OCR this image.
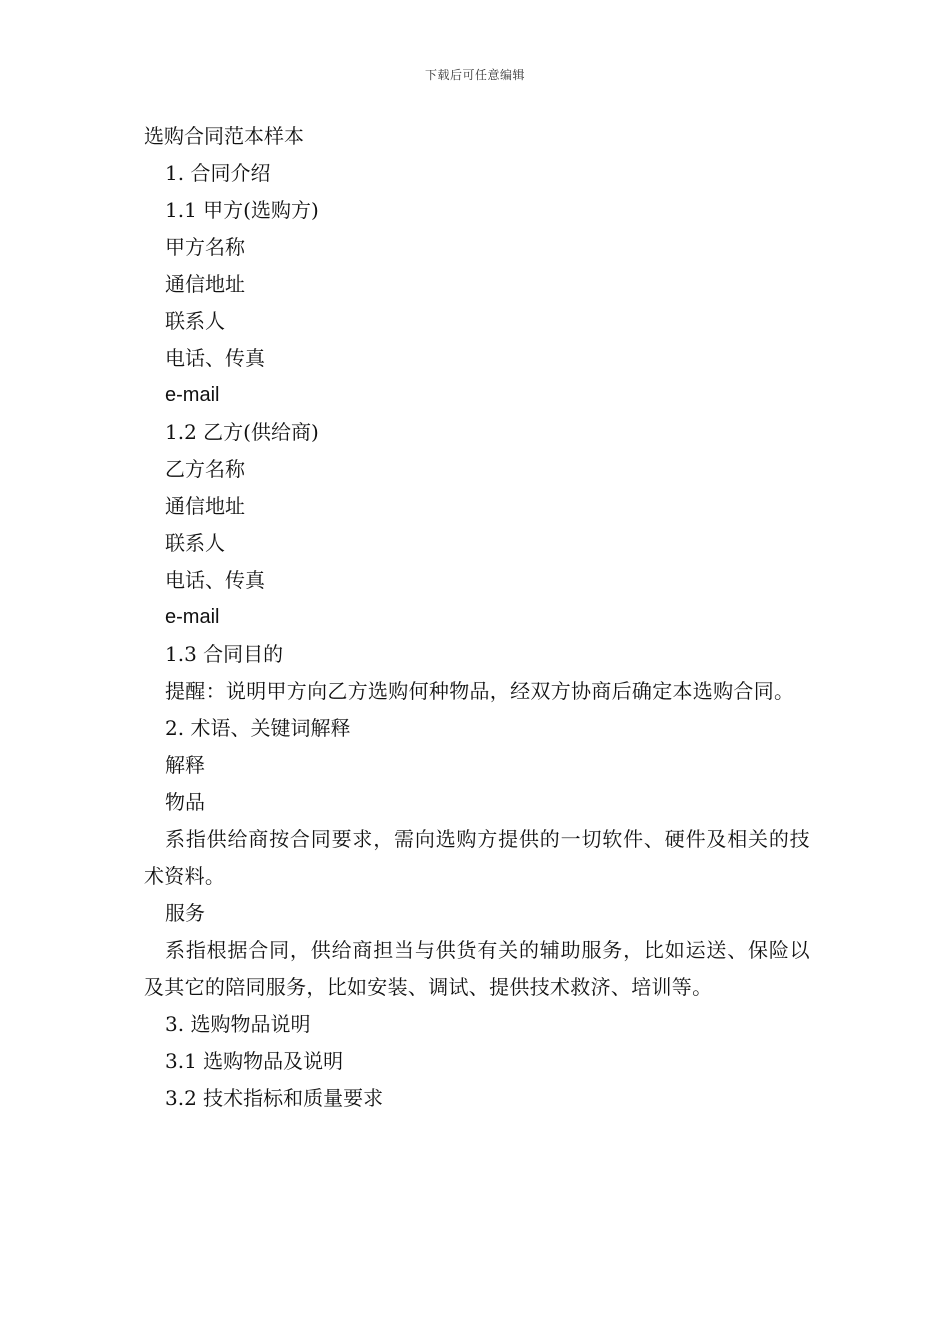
下载后可任意编辑
选购合同范本样本
1. 合同介绍
1.1 甲方(选购方)
甲方名称
通信地址
联系人
电话、传真
e-mail
1.2 乙方(供给商)
乙方名称
通信地址
联系人
电话、传真
e-mail
1.3 合同目的
提醒：说明甲方向乙方选购何种物品，经双方协商后确定本选购合同。
2. 术语、关键词解释
解释
物品
系指供给商按合同要求，需向选购方提供的一切软件、硬件及相关的技术资料。
服务
系指根据合同，供给商担当与供货有关的辅助服务，比如运送、保险以及其它的陪同服务，比如安装、调试、提供技术救济、培训等。
3. 选购物品说明
3.1 选购物品及说明
3.2 技术指标和质量要求
